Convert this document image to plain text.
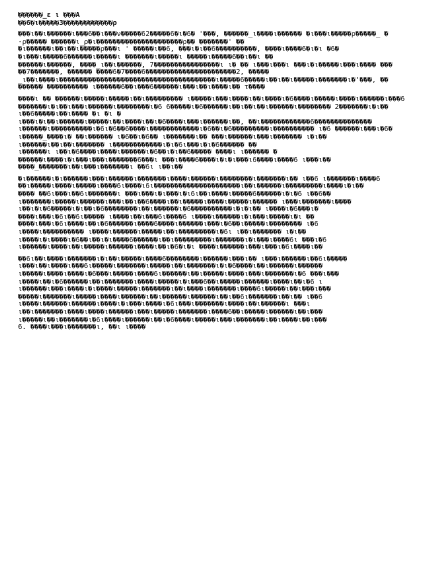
������_ε ι ���A
��6�ι�����3������������ρ
���ι��ι������ι���6��ι���ν�����62�����6�ι�6� '���, ������_ι����ι������ �ι���ι�����ρ�����_ �
-ρ����� ������ι_ρ�ι���������������������ρ�� �������' ��
�ι������ι��ι��ι�����ρ���ι ' �����ι��6, ���ι�ι��6����������, ����ι����6�ι�ι �6�
�ι���ι�����6������ι�����ι �������ι�����ι �����ι�����6��ι��ι ��
������ι������, ����_ι��ι������, 7����������������ι ι� �� ι���ι���ι ���ι�ι�����ι���ι���� ���
��7�������, ������ ����6�7����6����������������������2, �����
_ι��ι����ι��������������������������������������ι�����6�����ι��ι��ι�����ι�������ι�'���, ��
������ ���������� ι������6��ι���6������ι���ι��ι����ι�� τ����
����ι �� ������ι�����ι�����ι��ι��������� ι�����ι���ι����ι��ι����ι�6����ι�����ι����ι������ι���6
�������ι�ι��ι���ι������ι��������ι�6 6�����ι�6������ι��ι��ι��ι������ι�������� 2�������ι�ι��
ι��6�����ι��ι���� �ι �ι �
ι���ι�ι��ι������ι�����ι��ι����ι��ι�6����ι���ι������ι��, ��ι������������6��������������
ι������ι����������ι�6ι�6��6����ι������������ι�6��ι�6���������ι���������� ι�6 ������ι���ι�6�
ι�����_����ι� ��ι������ ι�6��ι�6�� ι�������ι�� ���ι������ι���ι������� ι�ι��
ι������ι��ι��ι������� ι������������ι�ι�6ι���ι�ι�6������ ��
ι������ι ι��ι�6����ι����ι������ι�6��ι�ι��6����� ����ι ι������ �
������ι����ι�ι���ι���ι�������6���ι ���ι����6����ι�ι�ι���ι6����ι����6 ι���ι��
����_�������ι��ι���ι�������ι ��6ι ι��ι��
�ι������ι�ι������ι���ι������ι�������ι����ι������ι��������ι�������ι�� ι��6 ι�������ι����6
��ι�����ι����ι�����ι����6ι����ι6ι���������������������ι��ι������ι���������ι����ι�ι��
���� ��6ι���ι��6ι�������ι ���ι���ι�ι���ι�ι6ι��ι����ι�����6������ι�ι�6 ι��6��
ι�������ι�����ι������ι���ι��ι��6����ι��ι�����ι����ι�����ι������ ι���ι�������ι����
ι��ι�ι�6�����ι�ι��ι�6��������ι��ι������ι�6����������ι�ι�ι�� ι����ι�6���ι�
����ι���ι�6ι��6ι����� ι����ι��ι���6ι����6 ι����ι������ι�ι���ι�����ι�ι ��
����ι���ι�6ι����ι��ι�6������ι����6����ι������ι���ι�6��ι�����ι�������� ι�6
ι����ι���������� ι����ι������ι�����ι��ι���������ι�6ι ι��ι������� ι�ι��
ι����ι�ι����ι�6��ι��ι�ι����6������ι��ι���������ι�������ι�ι���ι����6ι ���ι�6
ι������ι����ι��ι�����ι������ι����ι��ι�6�ι�ι ����ι������ι���ι���ι�6ι����ι��
��6ι��ι����ι�������ι�ι��ι�����ι����6��������ι������ι���ι�� ι���ι������ι��6ι�����
ι���ι��ι����ι���6ι�����ι�������ι�����ι��ι�������ι�ι�6����ι��ι������ι������
ι�����ι����ι����ι�6���ι�����ι����6ι������ι��ι�����ι����ι���ι�������ι�6 ���ι���
ι����ι��ι�6������ι��ι�������ι����ι�����ι�ι���6��ι�����ι������ι����ι��ι�6 ι
ι������ι���ι����ι�ι����ι�����ι�������ι��ι����ι�������ι����6ι�����ι��ι���ι���
�����ι�������ι�����ι����ι������ι��ι������ι������ι��ι��6ι�������ι��ι�� ι��6
ι����ι������ι������ι����ι�ι���ι����ι�6ι���ι�������ι����ι��ι������ι ���ι
ι��ι�������ι����ι����ι������ι���ι�����ι�������ι����6��ι�����ι������ι��ι���
ι�����ι��ι�������ι�6ι����ι������ι��ι�6����ι�����ι���ι�������ι��ι����ι��ι���
6. ����ι���ι�������ι, ��ι ι����
